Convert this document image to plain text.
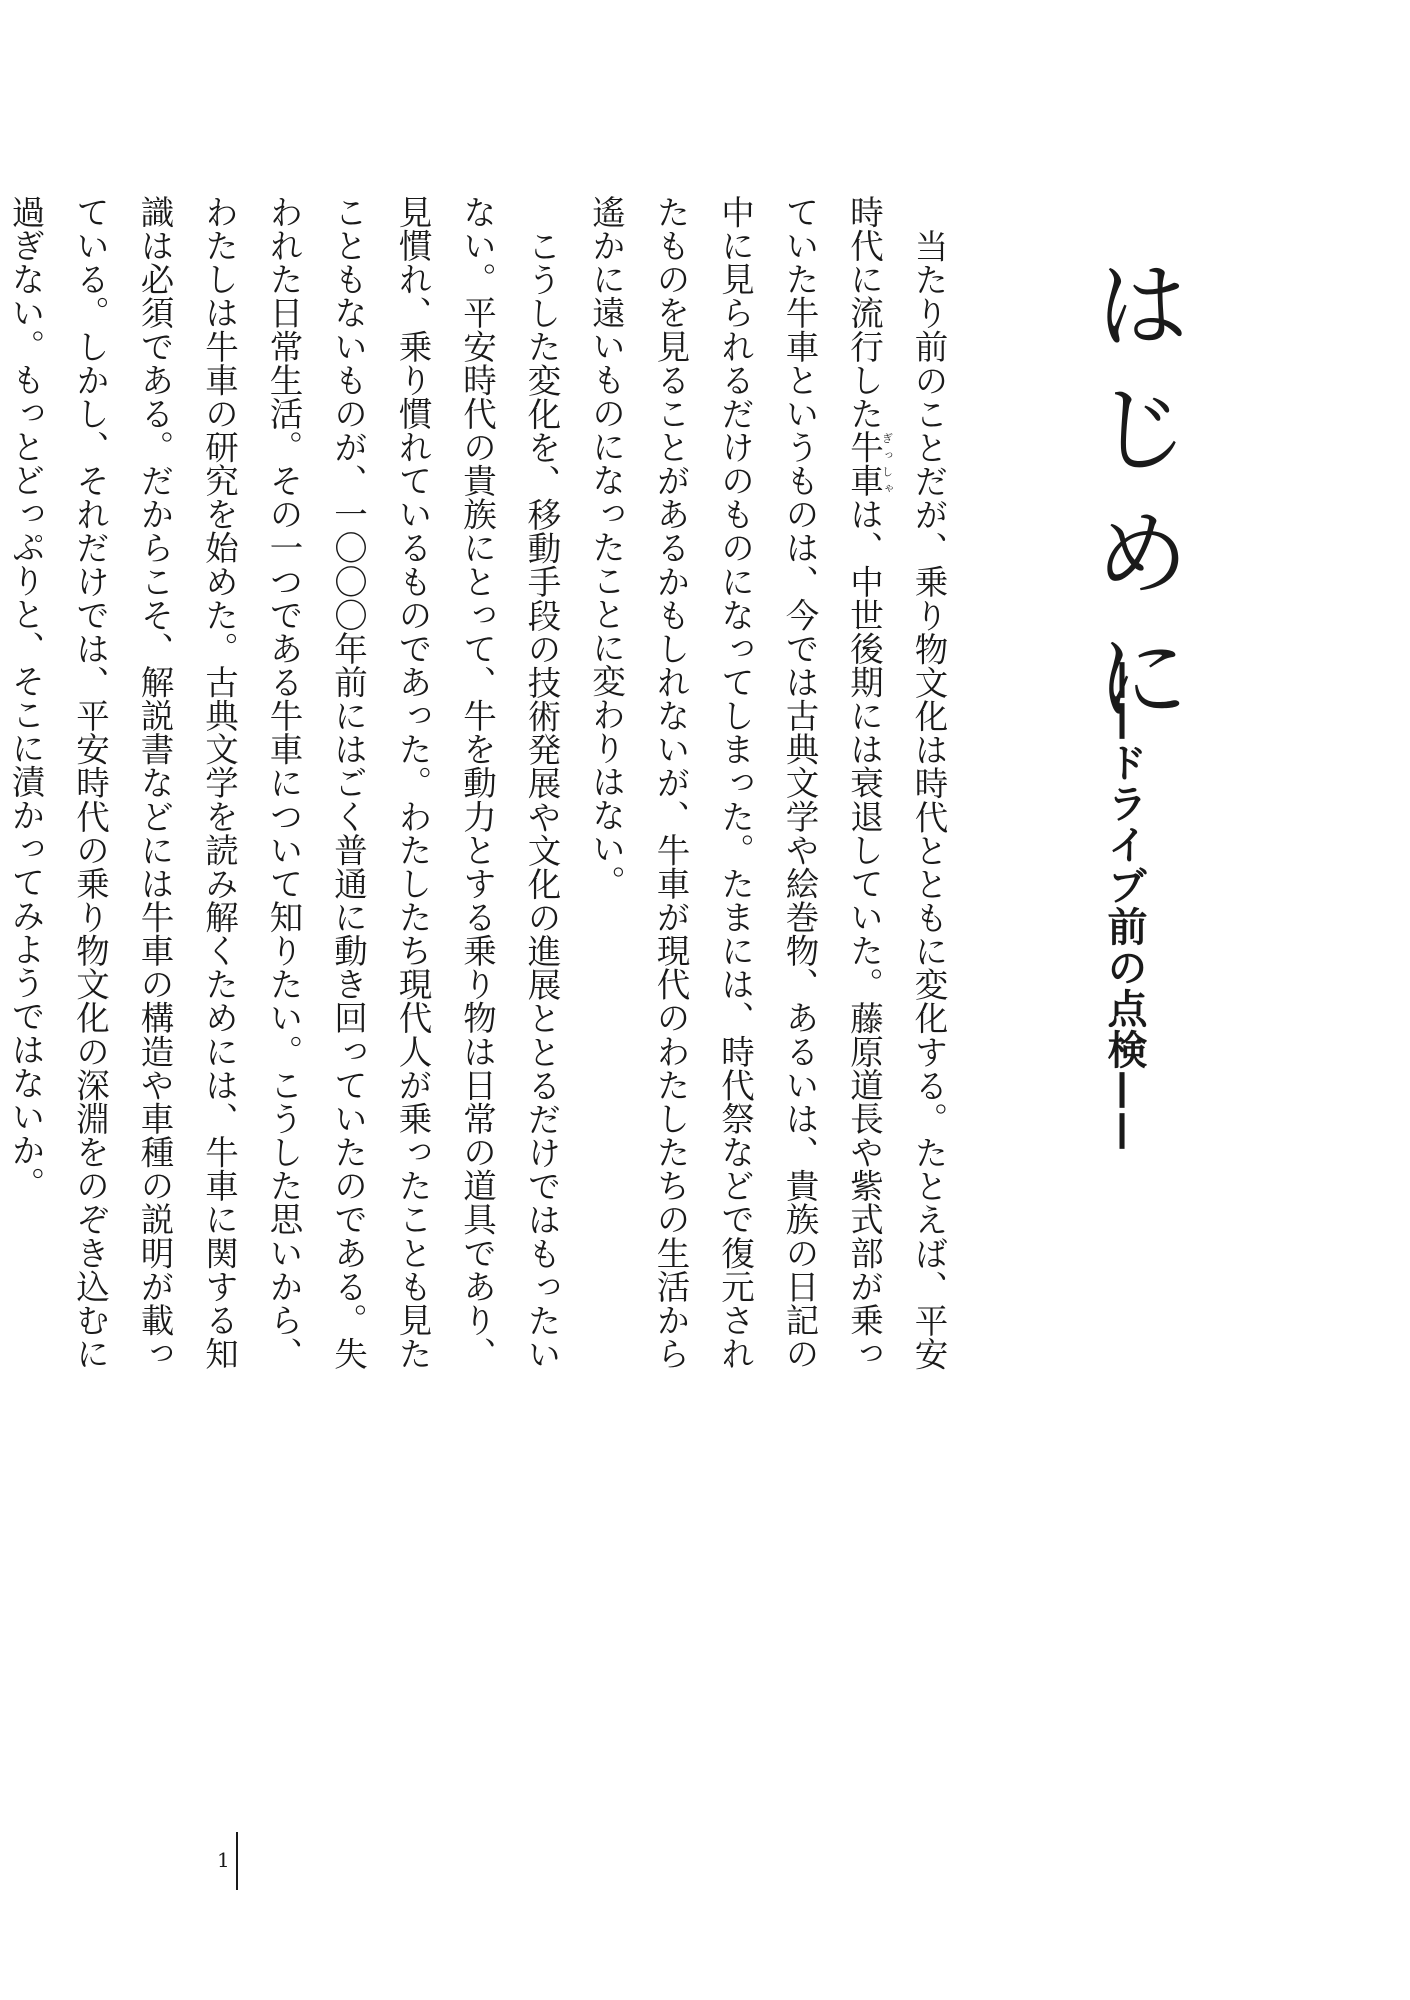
はじめに
——ドライブ前の点検——

当たり前のことだが、乗り物文化は時代とともに変化する。たとえば、平安時代に流行した牛車ぎっしゃは、中世後期には衰退していた。藤原道長や紫式部が乗っていた牛車というものは、今では古典文学や絵巻物、あるいは、貴族の日記の中に見られるだけのものになってしまった。たまには、時代祭などで復元されたものを見ることがあるかもしれないが、牛車が現代のわたしたちの生活から遙かに遠いものになったことに変わりはない。

こうした変化を、移動手段の技術発展や文化の進展ととるだけではもったいない。平安時代の貴族にとって、牛を動力とする乗り物は日常の道具であり、見慣れ、乗り慣れているものであった。わたしたち現代人が乗ったことも見たこともないものが、一〇〇〇年前にはごく普通に動き回っていたのである。失われた日常生活。その一つである牛車について知りたい。こうした思いから、わたしは牛車の研究を始めた。古典文学を読み解くためには、牛車に関する知識は必須である。だからこそ、解説書などには牛車の構造や車種の説明が載っている。しかし、それだけでは、平安時代の乗り物文化の深淵をのぞき込むに過ぎない。もっとどっぷりと、そこに漬かってみようではないか。

1
